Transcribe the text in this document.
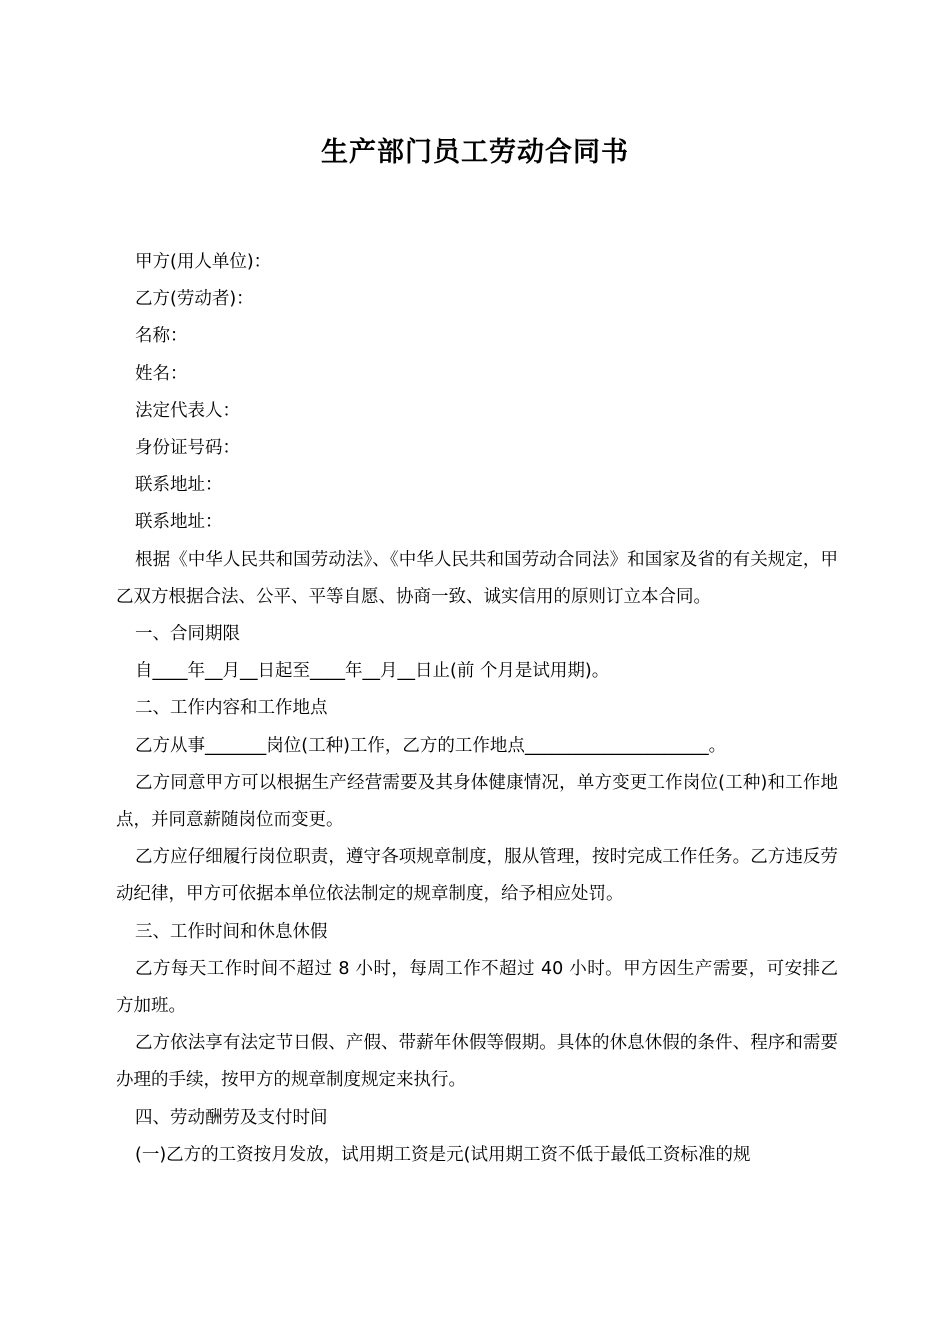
生产部门员工劳动合同书

甲方(用人单位)：

乙方(劳动者)：

名称：

姓名：

法定代表人：

身份证号码：

联系地址：

联系地址：

根据《中华人民共和国劳动法》、《中华人民共和国劳动合同法》和国家及省的有关规定，甲乙双方根据合法、公平、平等自愿、协商一致、诚实信用的原则订立本合同。

一、合同期限

自____年__月__日起至____年__月__日止(前 个月是试用期)。

二、工作内容和工作地点

乙方从事_______岗位(工种)工作，乙方的工作地点_____________________。

乙方同意甲方可以根据生产经营需要及其身体健康情况，单方变更工作岗位(工种)和工作地点，并同意薪随岗位而变更。

乙方应仔细履行岗位职责，遵守各项规章制度，服从管理，按时完成工作任务。乙方违反劳动纪律，甲方可依据本单位依法制定的规章制度，给予相应处罚。

三、工作时间和休息休假

乙方每天工作时间不超过 8 小时，每周工作不超过 40 小时。甲方因生产需要，可安排乙方加班。

乙方依法享有法定节日假、产假、带薪年休假等假期。具体的休息休假的条件、程序和需要办理的手续，按甲方的规章制度规定来执行。

四、劳动酬劳及支付时间

(一)乙方的工资按月发放，试用期工资是元(试用期工资不低于最低工资标准的规
